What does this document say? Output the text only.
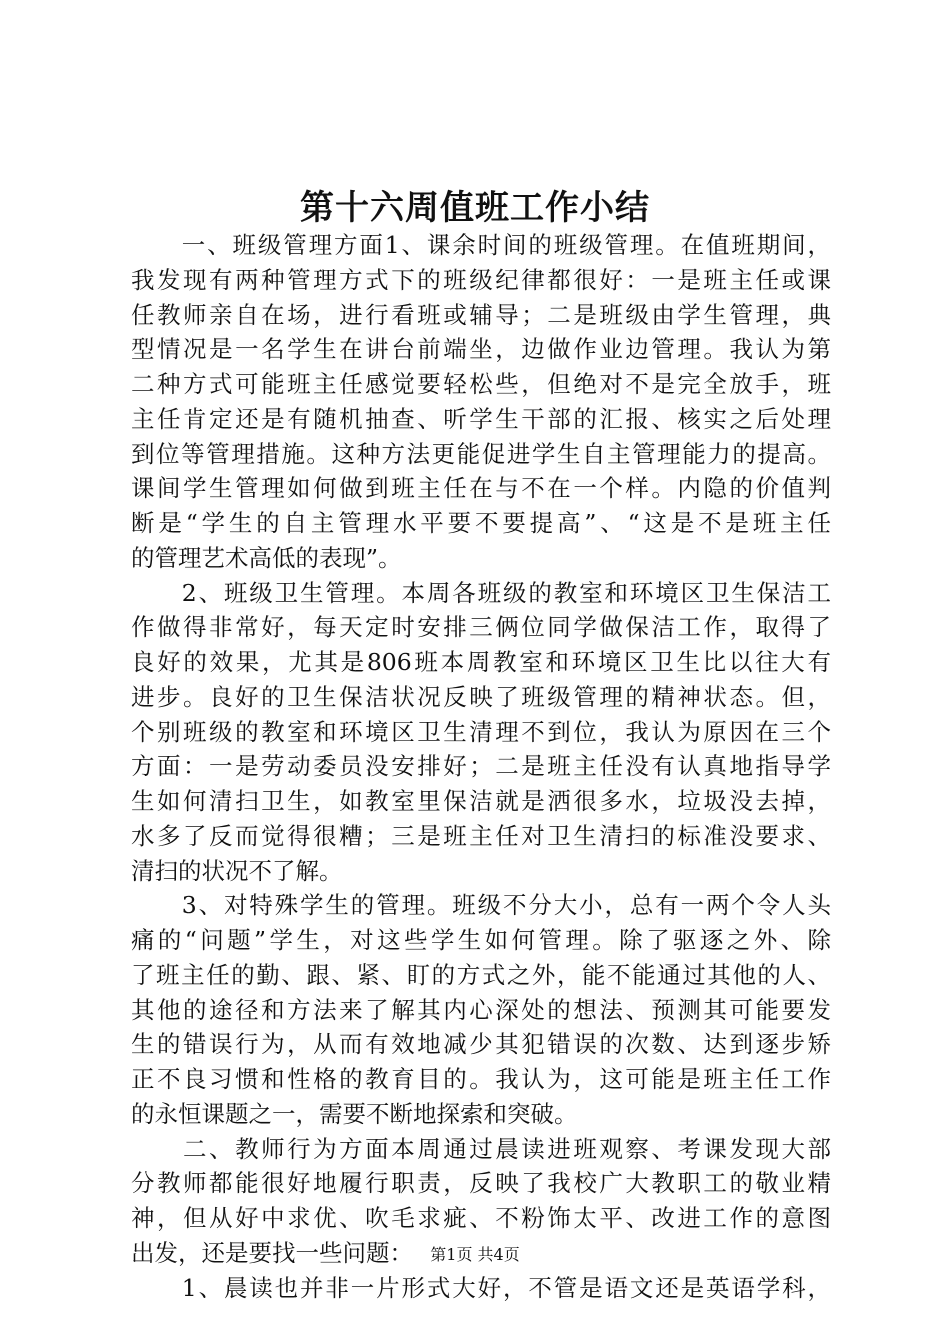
第十六周值班工作小结
　　一、班级管理方面1、课余时间的班级管理。在值班期间，
我发现有两种管理方式下的班级纪律都很好：一是班主任或课
任教师亲自在场，进行看班或辅导；二是班级由学生管理，典
型情况是一名学生在讲台前端坐，边做作业边管理。我认为第
二种方式可能班主任感觉要轻松些，但绝对不是完全放手，班
主任肯定还是有随机抽查、听学生干部的汇报、核实之后处理
到位等管理措施。这种方法更能促进学生自主管理能力的提高。
课间学生管理如何做到班主任在与不在一个样。内隐的价值判
断是“学生的自主管理水平要不要提高”、“这是不是班主任
的管理艺术高低的表现”。
　　2、班级卫生管理。本周各班级的教室和环境区卫生保洁工
作做得非常好，每天定时安排三俩位同学做保洁工作，取得了
良好的效果，尤其是806班本周教室和环境区卫生比以往大有
进步。良好的卫生保洁状况反映了班级管理的精神状态。但，
个别班级的教室和环境区卫生清理不到位，我认为原因在三个
方面：一是劳动委员没安排好；二是班主任没有认真地指导学
生如何清扫卫生，如教室里保洁就是洒很多水，垃圾没去掉，
水多了反而觉得很糟；三是班主任对卫生清扫的标准没要求、
清扫的状况不了解。
　　3、对特殊学生的管理。班级不分大小，总有一两个令人头
痛的“问题”学生，对这些学生如何管理。除了驱逐之外、除
了班主任的勤、跟、紧、盯的方式之外，能不能通过其他的人、
其他的途径和方法来了解其内心深处的想法、预测其可能要发
生的错误行为，从而有效地减少其犯错误的次数、达到逐步矫
正不良习惯和性格的教育目的。我认为，这可能是班主任工作
的永恒课题之一，需要不断地探索和突破。
　　二、教师行为方面本周通过晨读进班观察、考课发现大部
分教师都能很好地履行职责，反映了我校广大教职工的敬业精
神，但从好中求优、吹毛求疵、不粉饰太平、改进工作的意图
出发，还是要找一些问题：
　　1、晨读也并非一片形式大好，不管是语文还是英语学科，
第1页 共4页
